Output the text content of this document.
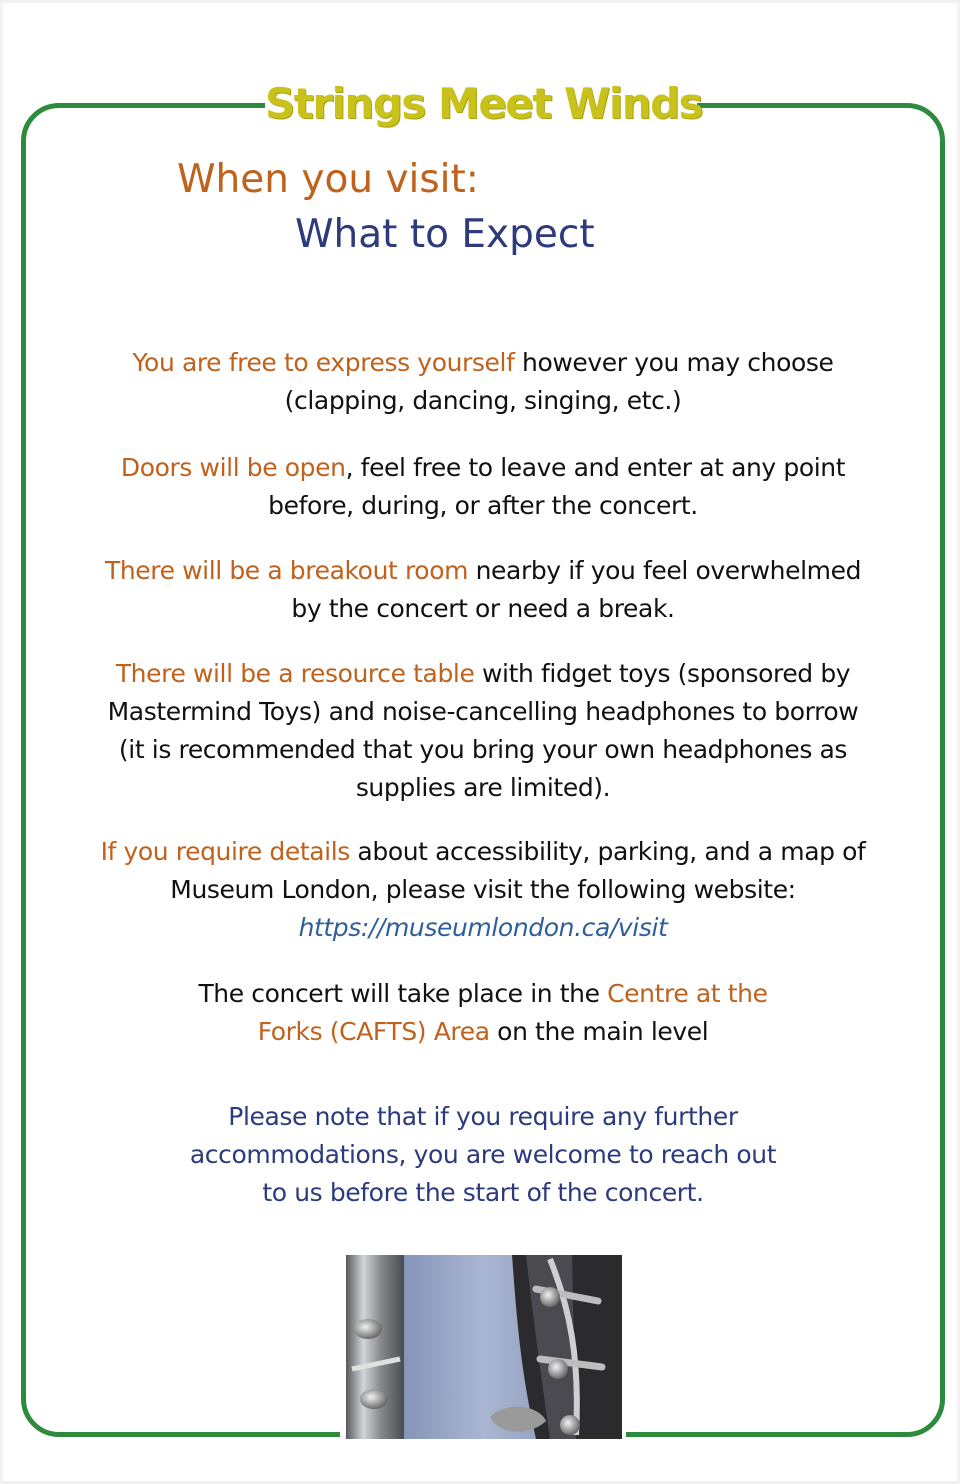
Strings Meet Winds
When you visit:
What to Expect
You are free to express yourself however you may choose (clapping, dancing, singing, etc.)
Doors will be open, feel free to leave and enter at any point before, during, or after the concert.
There will be a breakout room nearby if you feel overwhelmed by the concert or need a break.
There will be a resource table with fidget toys (sponsored by Mastermind Toys) and noise-cancelling headphones to borrow (it is recommended that you bring your own headphones as supplies are limited).
If you require details about accessibility, parking, and a map of Museum London, please visit the following website: https://museumlondon.ca/visit
The concert will take place in the Centre at the Forks (CAFTS) Area on the main level
Please note that if you require any further accommodations, you are welcome to reach out to us before the start of the concert.
